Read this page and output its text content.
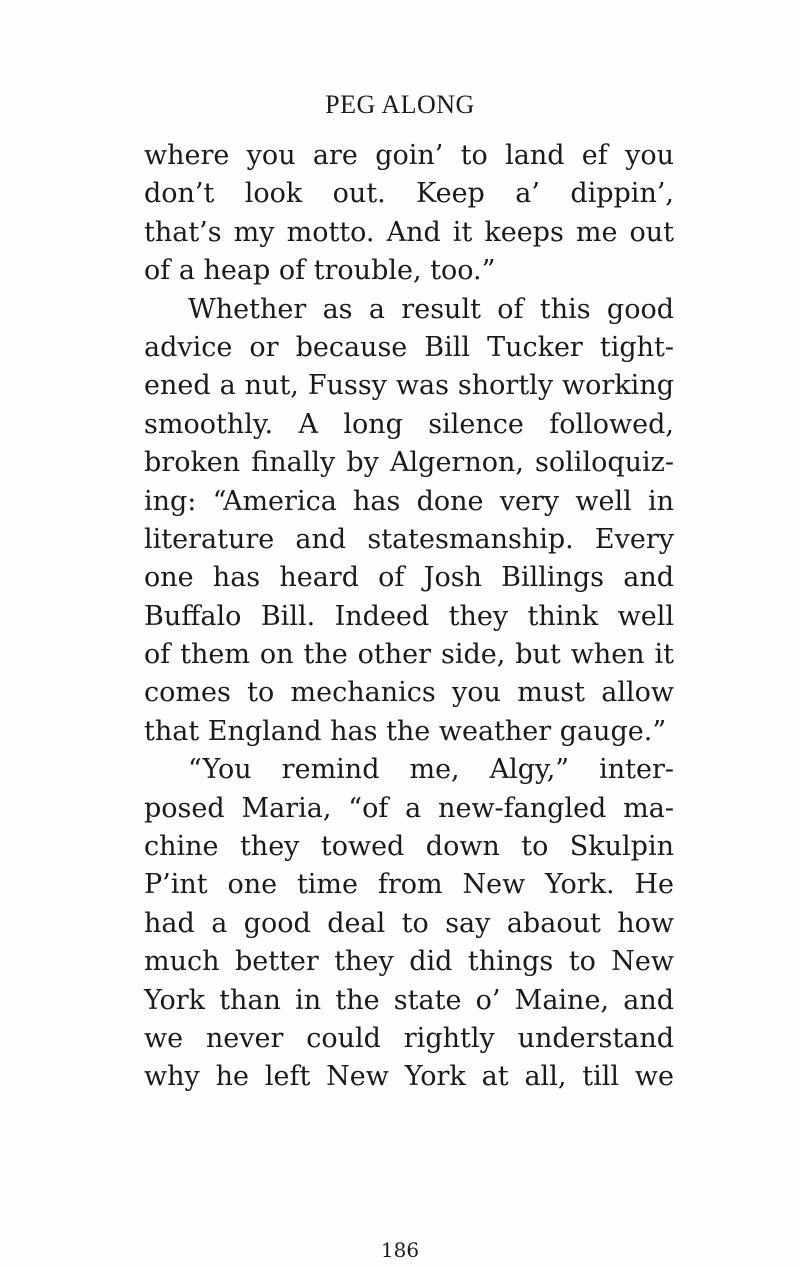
PEG ALONG
where you are goin’ to land ef you
don’t look out. Keep a’ dippin’,
that’s my motto. And it keeps me out
of a heap of trouble, too.”
Whether as a result of this good
advice or because Bill Tucker tight-
ened a nut, Fussy was shortly working
smoothly. A long silence followed,
broken finally by Algernon, soliloquiz-
ing: “America has done very well in
literature and statesmanship. Every
one has heard of Josh Billings and
Buffalo Bill. Indeed they think well
of them on the other side, but when it
comes to mechanics you must allow
that England has the weather gauge.”
“You remind me, Algy,” inter-
posed Maria, “of a new-fangled ma-
chine they towed down to Skulpin
P’int one time from New York. He
had a good deal to say abaout how
much better they did things to New
York than in the state o’ Maine, and
we never could rightly understand
why he left New York at all, till we
186
